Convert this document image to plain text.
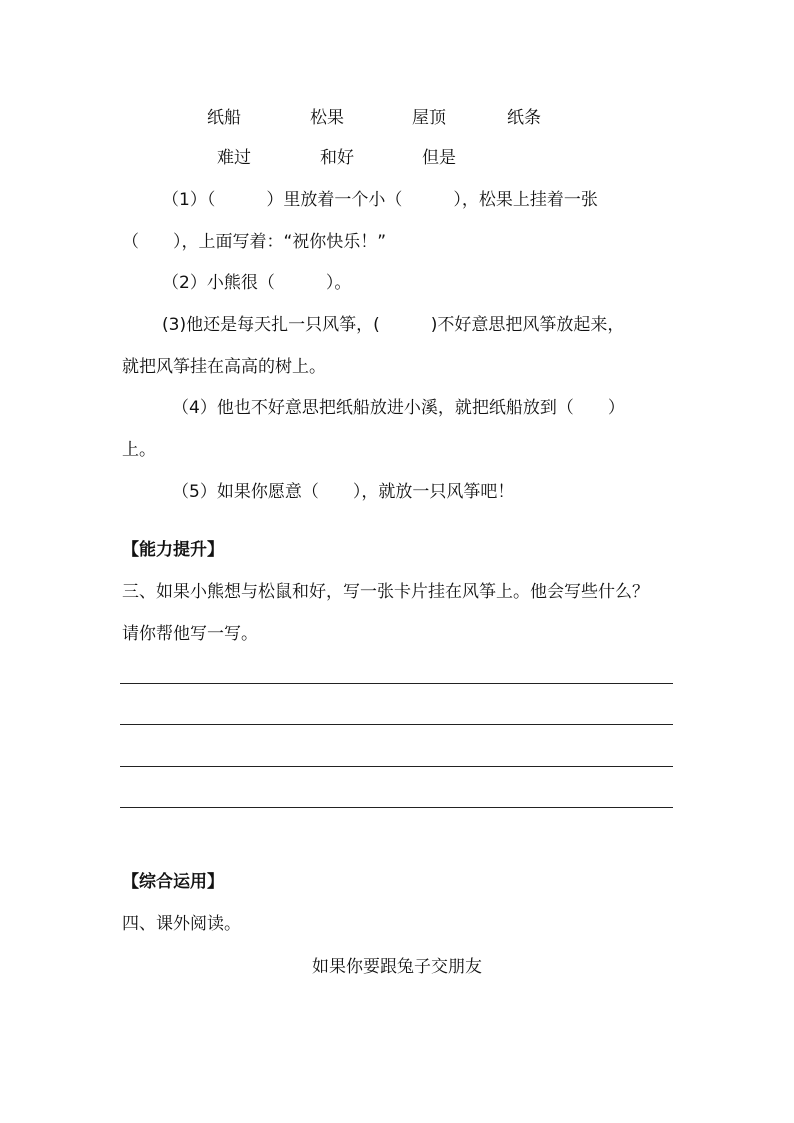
纸船	松果	屋顶	纸条
难过	和好	但是
（1）（　　　）里放着一个小（　　　），松果上挂着一张
（　　），上面写着：“祝你快乐！”
（2）小熊很（　　　）。
(3)他还是每天扎一只风筝，(　　　)不好意思把风筝放起来，
就把风筝挂在高高的树上。
（4）他也不好意思把纸船放进小溪，就把纸船放到（　　）
上。
（5）如果你愿意（　　），就放一只风筝吧！
【能力提升】
三、如果小熊想与松鼠和好，写一张卡片挂在风筝上。他会写些什么？
请你帮他写一写。
【综合运用】
四、课外阅读。
如果你要跟兔子交朋友
